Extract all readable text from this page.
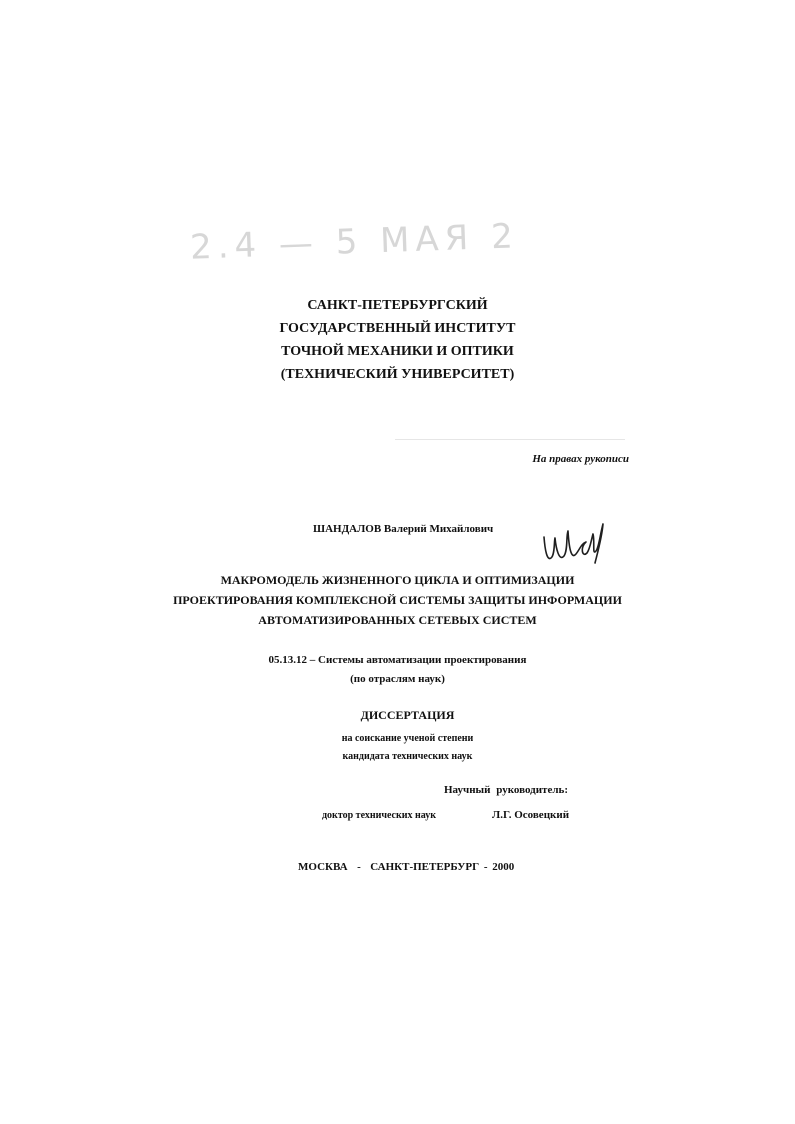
2.4 — 5 МАЯ 2
САНКТ-ПЕТЕРБУРГСКИЙ
ГОСУДАРСТВЕННЫЙ ИНСТИТУТ
ТОЧНОЙ МЕХАНИКИ И ОПТИКИ
(ТЕХНИЧЕСКИЙ УНИВЕРСИТЕТ)
На правах рукописи
ШАНДАЛОВ Валерий Михайлович
МАКРОМОДЕЛЬ ЖИЗНЕННОГО ЦИКЛА И ОПТИМИЗАЦИИ
ПРОЕКТИРОВАНИЯ КОМПЛЕКСНОЙ СИСТЕМЫ ЗАЩИТЫ ИНФОРМАЦИИ
АВТОМАТИЗИРОВАННЫХ СЕТЕВЫХ СИСТЕМ
05.13.12 – Системы автоматизации проектирования
(по отраслям наук)
ДИССЕРТАЦИЯ
на соискание ученой степени
кандидата технических наук
Научный руководитель:
доктор технических наук	Л.Г. Осовецкий
МОСКВА  -  САНКТ-ПЕТЕРБУРГ - 2000
